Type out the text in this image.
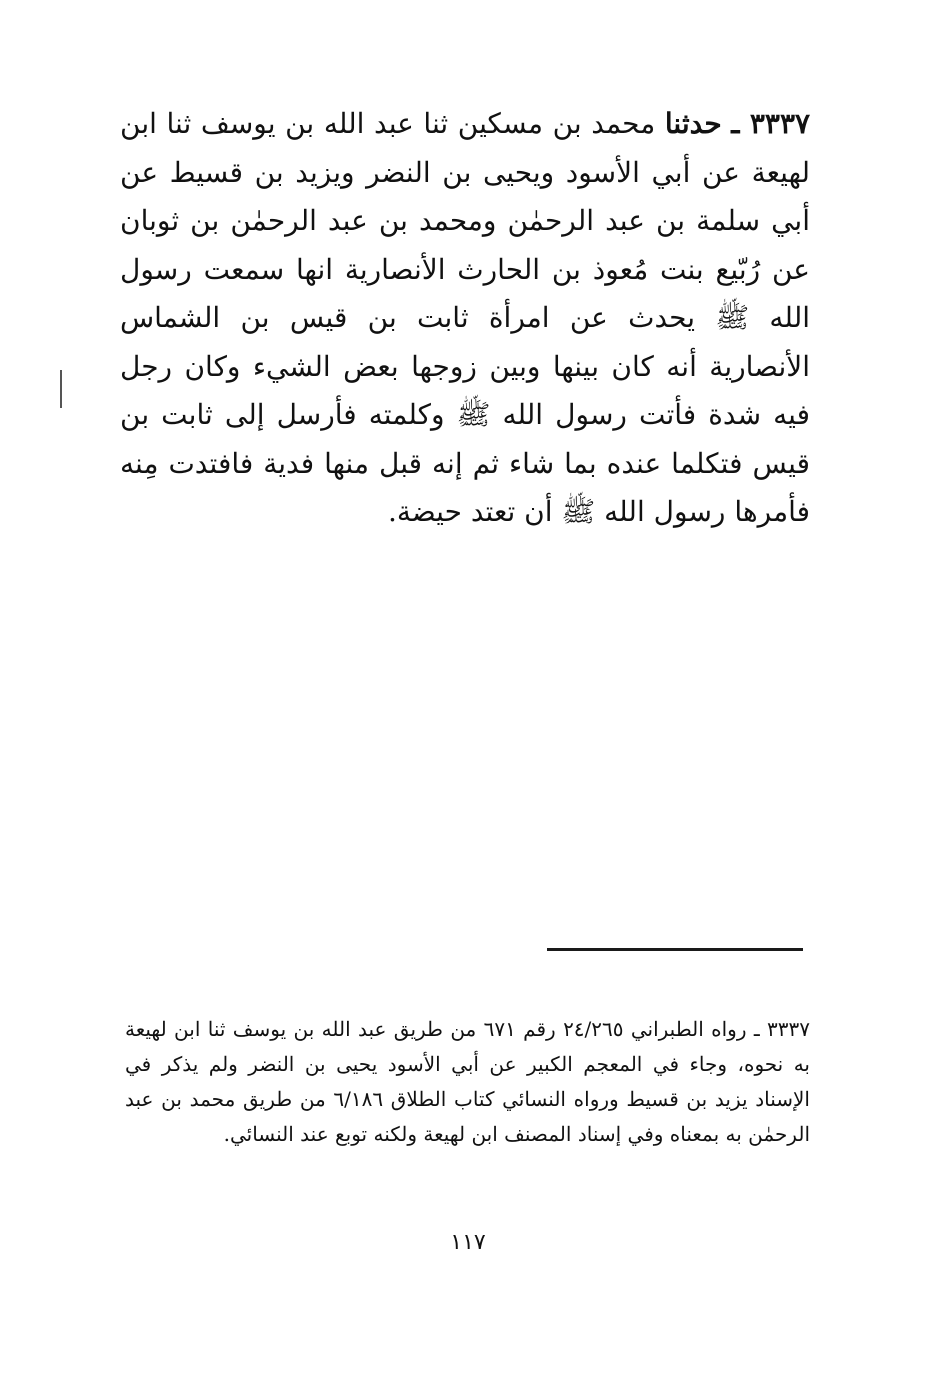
٣٣٣٧ ـ حدثنا محمد بن مسكين ثنا عبد الله بن يوسف ثنا ابن لهيعة عن أبي الأسود ويحيى بن النضر ويزيد بن قسيط عن أبي سلمة بن عبد الرحمٰن ومحمد بن عبد الرحمٰن بن ثوبان عن رُبّيع بنت مُعوذ بن الحارث الأنصارية انها سمعت رسول الله ﷺ يحدث عن امرأة ثابت بن قيس بن الشماس الأنصارية أنه كان بينها وبين زوجها بعض الشيء وكان رجل فيه شدة فأتت رسول الله ﷺ وكلمته فأرسل إلى ثابت بن قيس فتكلما عنده بما شاء ثم إنه قبل منها فدية فافتدت مِنه فأمرها رسول الله ﷺ أن تعتد حيضة.

٣٣٣٧ ـ رواه الطبراني ٢٤/٢٦٥ رقم ٦٧١ من طريق عبد الله بن يوسف ثنا ابن لهيعة به نحوه، وجاء في المعجم الكبير عن أبي الأسود يحيى بن النضر ولم يذكر في الإسناد يزيد بن قسيط ورواه النسائي كتاب الطلاق ٦/١٨٦ من طريق محمد بن عبد الرحمٰن به بمعناه وفي إسناد المصنف ابن لهيعة ولكنه توبع عند النسائي.

١١٧
